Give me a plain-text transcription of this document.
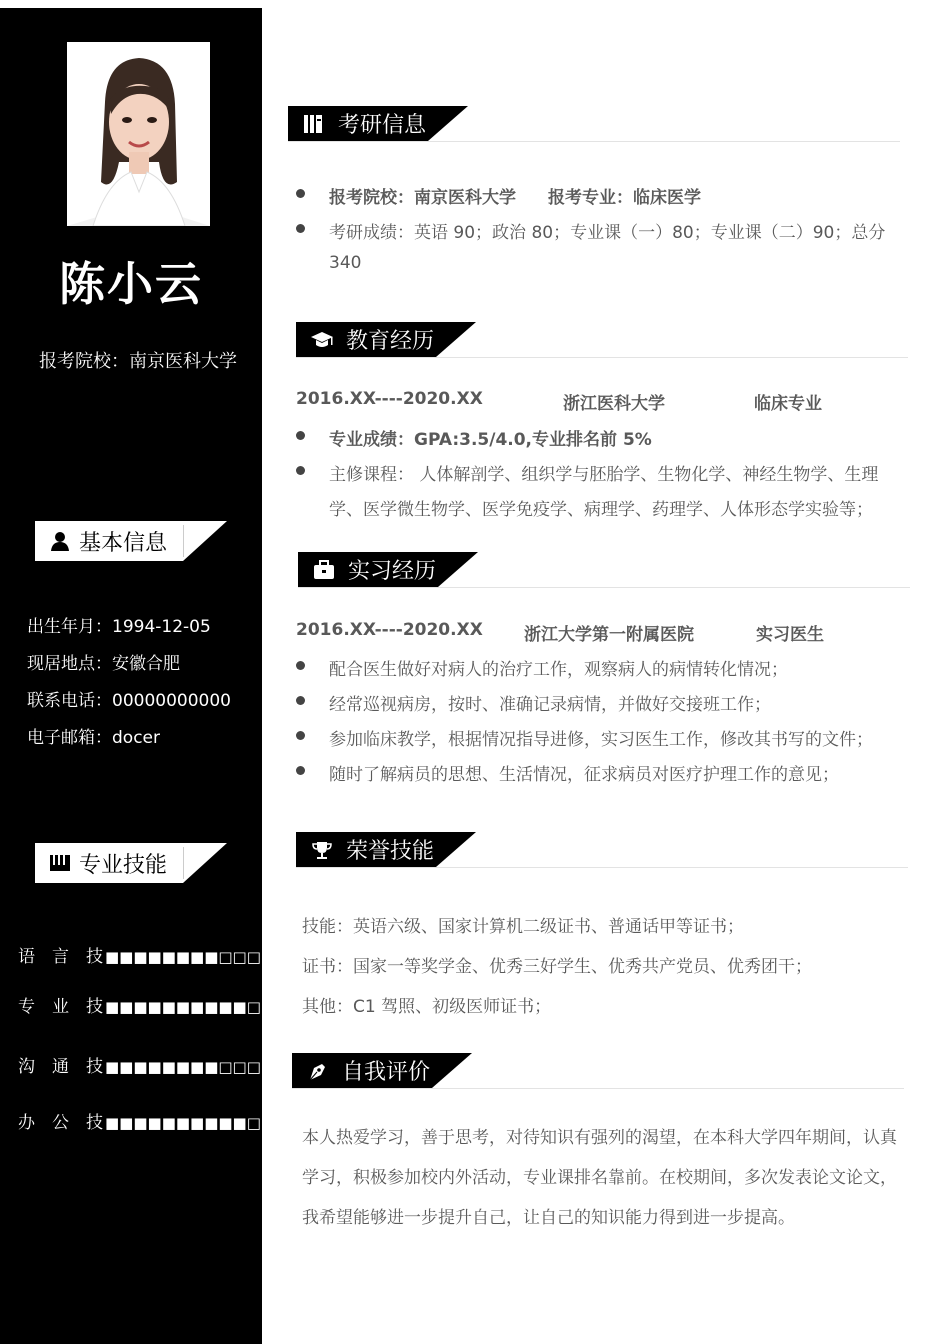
陈小云
报考院校：南京医科大学
基本信息
出生年月：1994-12-05
现居地点：安徽合肥
联系电话：00000000000
电子邮箱：docer
专业技能
语 言 技 ■■■■■■■■□□□□
专 业 技 ■■■■■■■■■■□□
沟 通 技 ■■■■■■■■□□□□
办 公 技 ■■■■■■■■■■□□
考研信息
报考院校：南京医科大学 报考专业：临床医学
考研成绩：英语 90；政治 80；专业课（一）80；专业课（二）90；总分
340
教育经历
2016.XX----2020.XX	浙江医科大学	临床专业
专业成绩：GPA:3.5/4.0,专业排名前 5%
主修课程： 人体解剖学、组织学与胚胎学、生物化学、神经生物学、生理
学、医学微生物学、医学免疫学、病理学、药理学、人体形态学实验等；
实习经历
2016.XX----2020.XX 浙江大学第一附属医院	实习医生
配合医生做好对病人的治疗工作，观察病人的病情转化情况；
经常巡视病房，按时、准确记录病情，并做好交接班工作；
参加临床教学，根据情况指导进修，实习医生工作，修改其书写的文件；
随时了解病员的思想、生活情况，征求病员对医疗护理工作的意见；
荣誉技能
技能：英语六级、国家计算机二级证书、普通话甲等证书；
证书：国家一等奖学金、优秀三好学生、优秀共产党员、优秀团干；
其他：C1 驾照、初级医师证书；
自我评价
本人热爱学习，善于思考，对待知识有强列的渴望，在本科大学四年期间，认真
学习，积极参加校内外活动，专业课排名靠前。在校期间，多次发表论文论文，
我希望能够进一步提升自己，让自己的知识能力得到进一步提高。
